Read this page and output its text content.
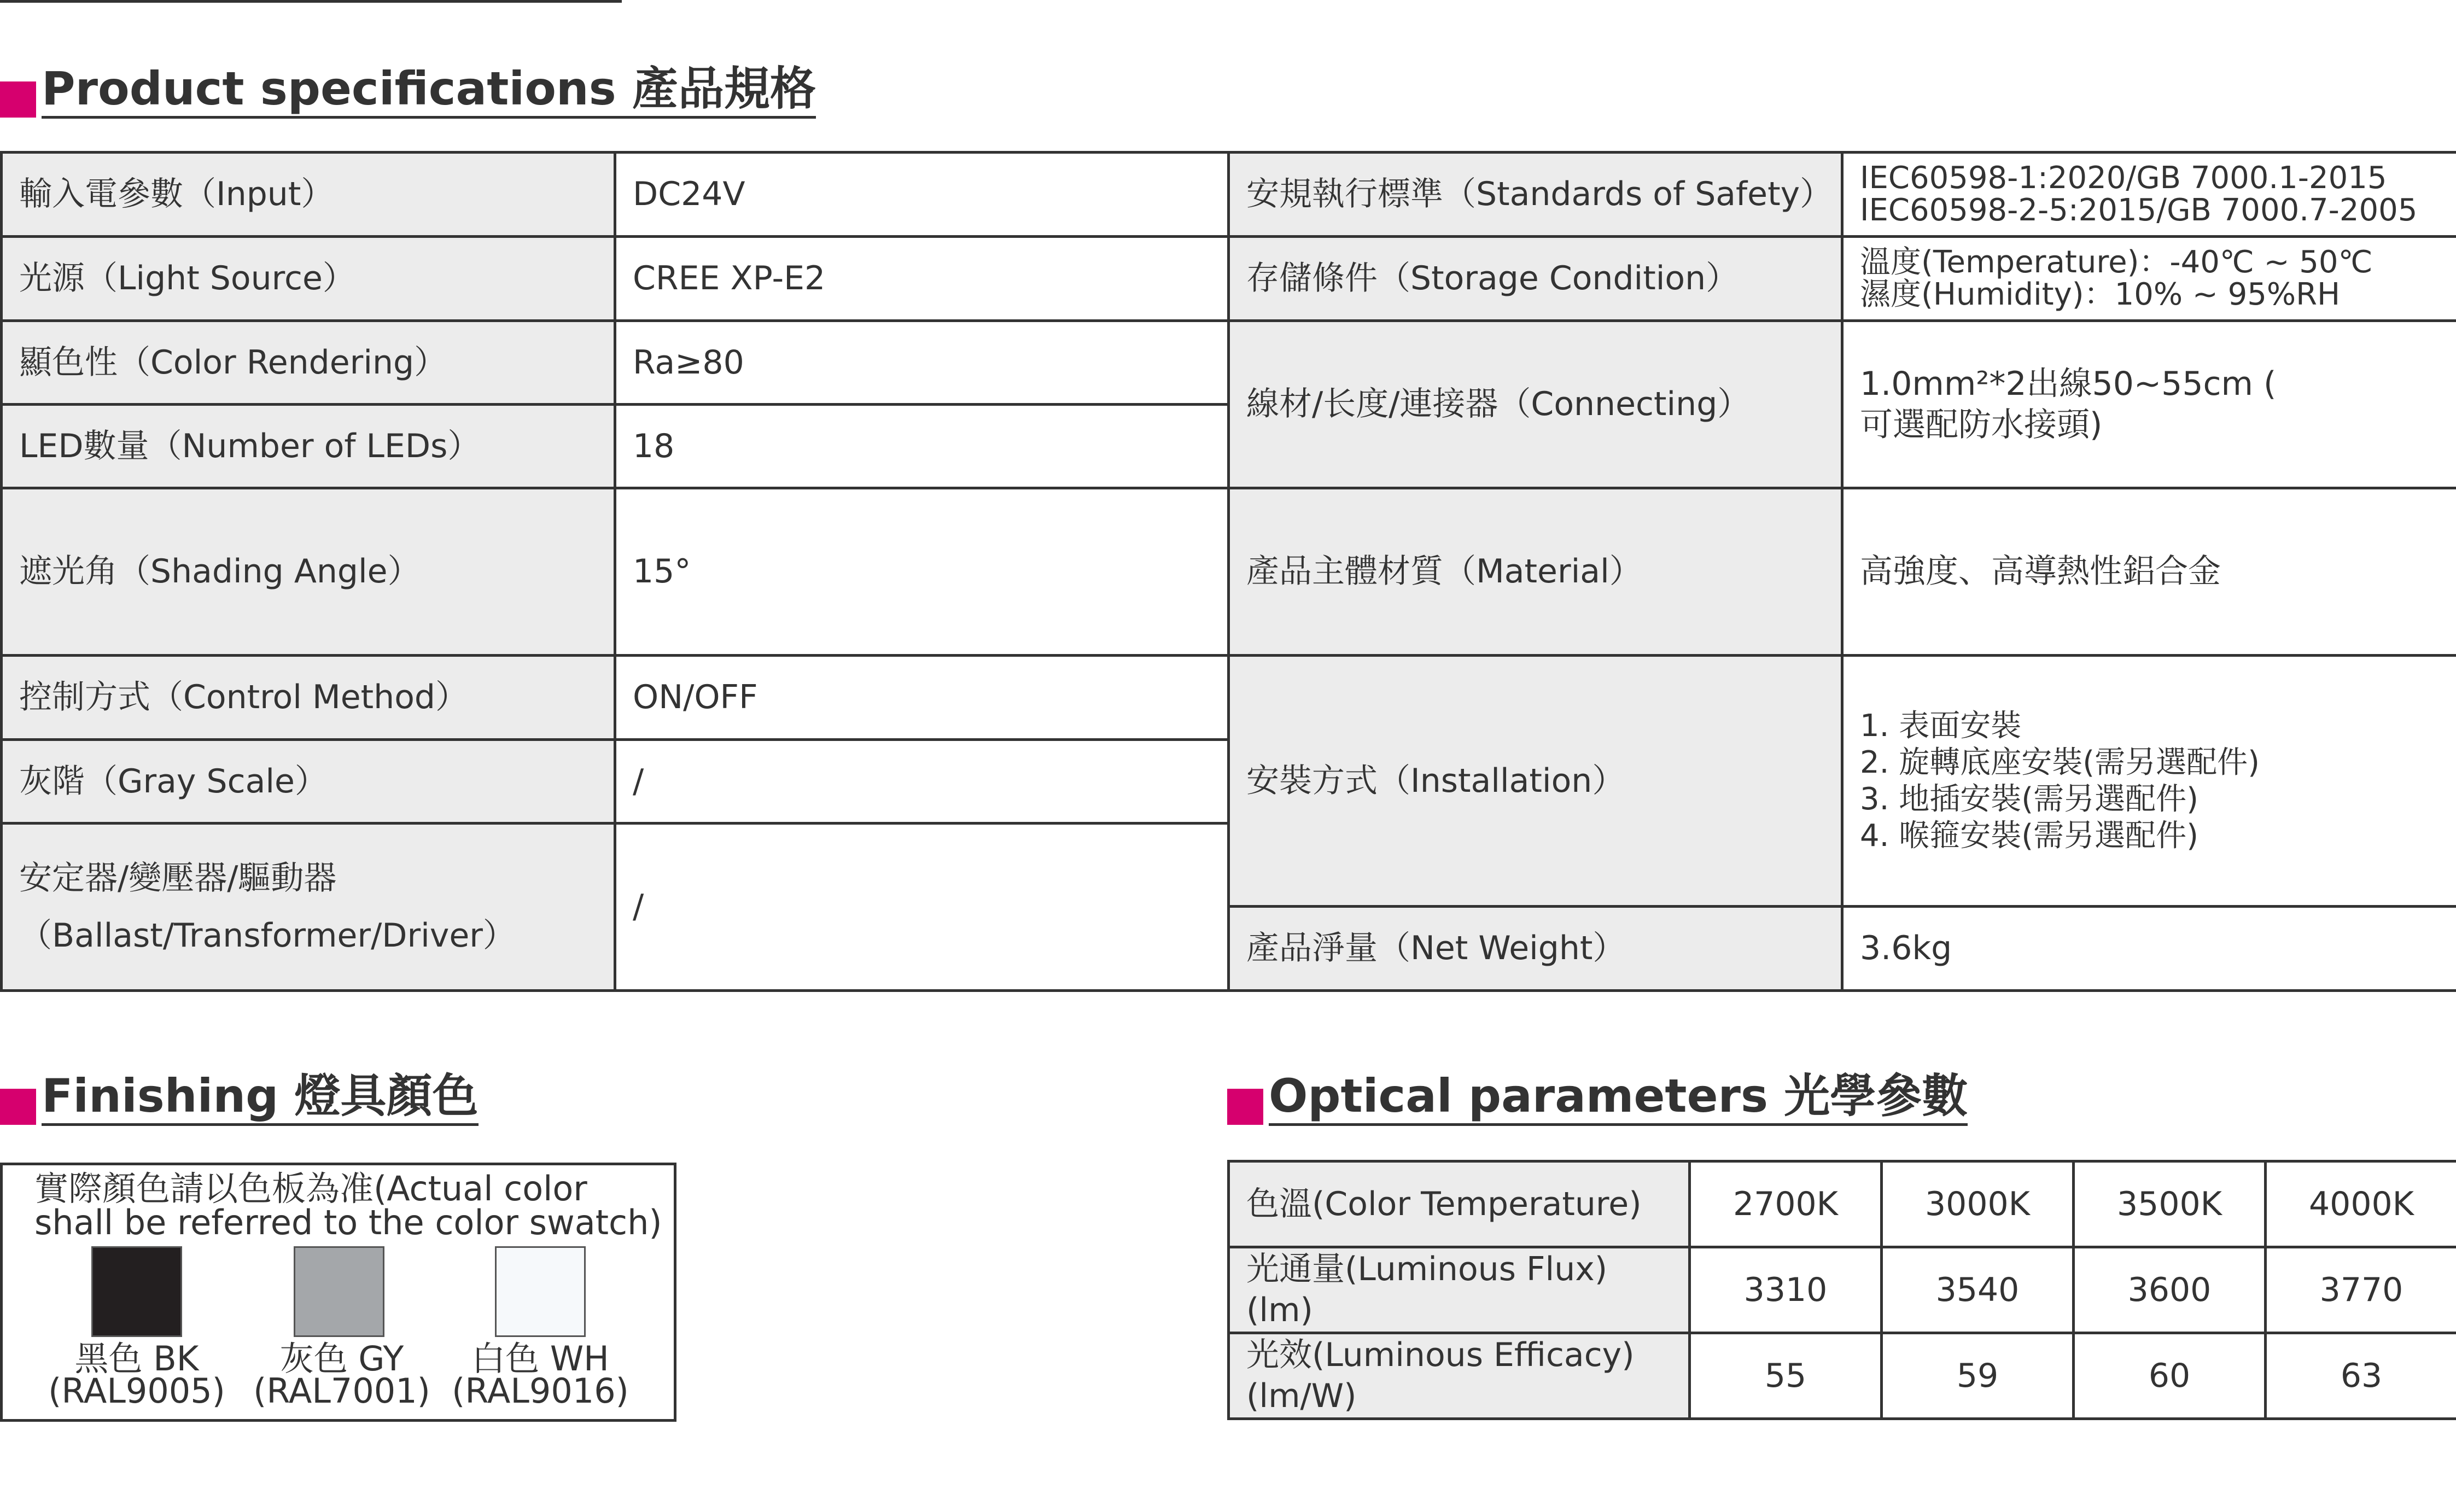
Product specifications 產品規格
輸入電參數（Input）	DC24V	安規執行標準（Standards of Safety）	IEC60598-1:2020/GB 7000.1-2015
IEC60598-2-5:2015/GB 7000.7-2005

光源（Light Source）	CREE XP-E2	存儲條件（Storage Condition）	溫度(Temperature)：-40℃ ~ 50℃
濕度(Humidity)：10% ~ 95%RH

顯色性（Color Rendering）	Ra≥80	線材/长度/連接器（Connecting）	1.0mm²*2出線50~55cm (
可選配防水接頭)

LED數量（Number of LEDs）	18		
遮光角（Shading Angle）	15°	產品主體材質（Material）	高強度、高導熱性鋁合金
控制方式（Control Method）	ON/OFF	安裝方式（Installation）	1. 表面安裝
2. 旋轉底座安裝(需另選配件)
3. 地插安裝(需另選配件)
4. 喉箍安裝(需另選配件)

灰階（Gray Scale）	/		

安定器/變壓器/驅動器
（Ballast/Transformer/Driver）	/		
		產品淨量（Net Weight）	3.6kg
Finishing 燈具顏色
實際顏色請以色板為准(Actual color shall be referred to the color swatch)
黑色 BK
(RAL9005)
灰色 GY
(RAL7001)
白色 WH
(RAL9016)
Optical parameters 光學參數
色溫(Color Temperature)	2700K	3000K	3500K	4000K
光通量(Luminous Flux)(lm)	3310	3540	3600	3770
光效(Luminous Efficacy)(lm/W)	55	59	60	63
